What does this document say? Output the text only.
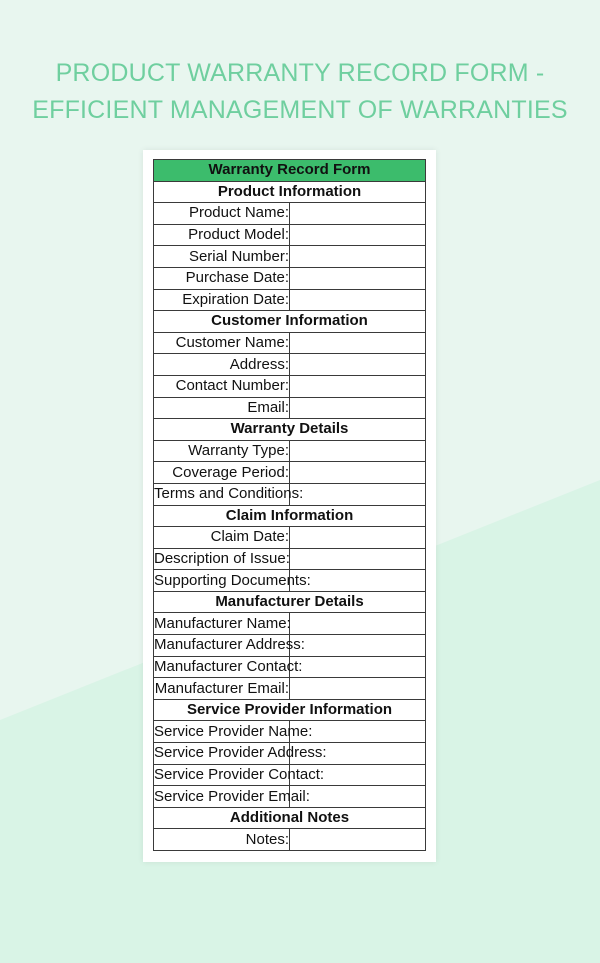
PRODUCT WARRANTY RECORD FORM -
EFFICIENT MANAGEMENT OF WARRANTIES
Warranty Record Form	
Product Information	
Product Name:	
Product Model:	
Serial Number:	
Purchase Date:	
Expiration Date:	
Customer Information	
Customer Name:	
Address:	
Contact Number:	
Email:	
Warranty Details	
Warranty Type:	
Coverage Period:	
Terms and Conditions:	
Claim Information	
Claim Date:	
Description of Issue:	
Supporting Documents:	
Manufacturer Details	
Manufacturer Name:	
Manufacturer Address:	
Manufacturer Contact:	
Manufacturer Email:	
Service Provider Information	
Service Provider Name:	
Service Provider Address:	
Service Provider Contact:	
Service Provider Email:	
Additional Notes	
Notes:	
